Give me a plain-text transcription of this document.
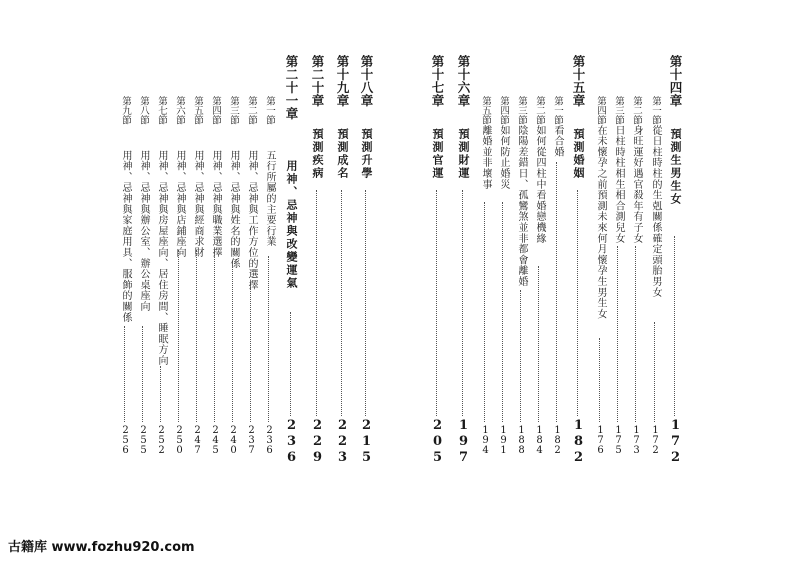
第十四章
預測生男生女
172
第一節
從日柱時柱的生剋關係確定頭胎男女
172
第二節
身旺運好遇官殺年有子女
173
第三節
日柱時柱相生相合測兒女
175
第四節
在未懷孕之前預測未來何月懷孕生男生女
176
第十五章
預測婚姻
182
第一節
看合婚
182
第二節
如何從四柱中看婚戀機緣
184
第三節
陰陽差錯日、孤鸞煞並非都會離婚
188
第四節
如何防止婚災
191
第五節
離婚並非壞事
194
第十六章
預測財運
197
第十七章
預測官運
205
第十八章
預測升學
215
第十九章
預測成名
223
第二十章
預測疾病
229
第二十一章
用神、忌神與改變運氣
236
第一節
五行所屬的主要行業
236
第二節
用神、忌神與工作方位的選擇
237
第三節
用神、忌神與姓名的關係
240
第四節
用神、忌神與職業選擇
245
第五節
用神、忌神與經商求財
247
第六節
用神、忌神與店鋪座向
250
第七節
用神、忌神與房屋座向、居住房間、睡眠方向
252
第八節
用神、忌神與辦公室、辦公桌座向
255
第九節
用神、忌神與家庭用具、服飾的關係
256
古籍库 www.fozhu920.com
